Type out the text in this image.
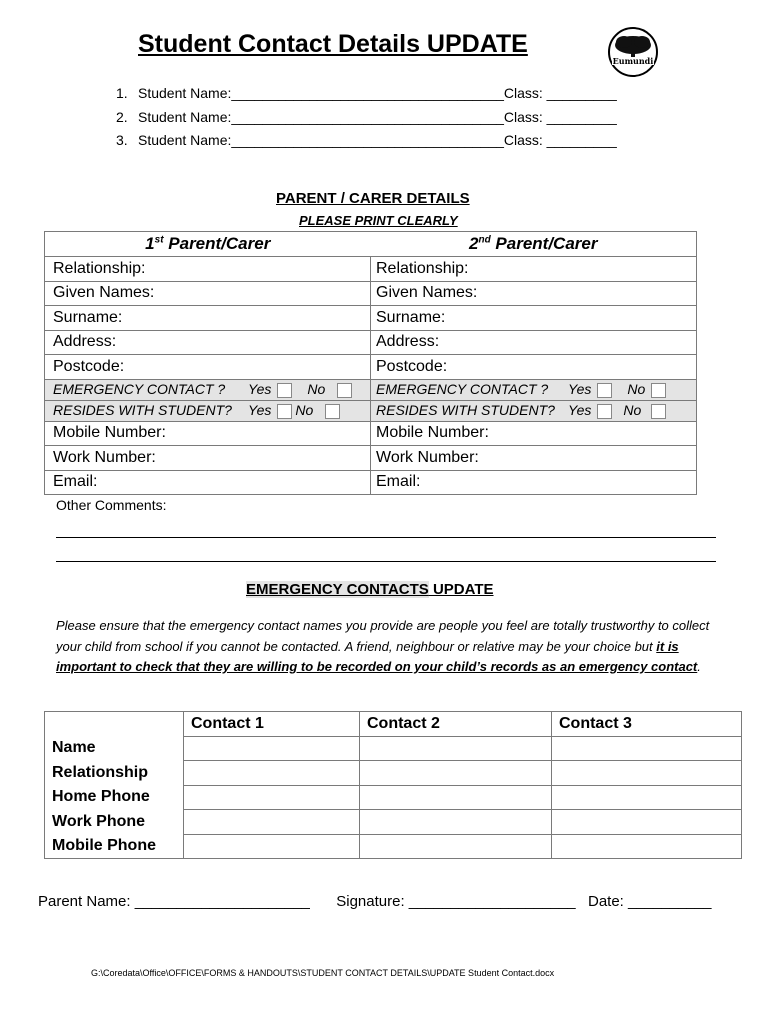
Student Contact Details UPDATE
Eumundi
1. Student Name:___________________________________Class: _________
2. Student Name:___________________________________Class: _________
3. Student Name:___________________________________Class: _________
PARENT / CARER DETAILS
PLEASE PRINT CLEARLY
1st Parent/Carer	2nd Parent/Carer
Relationship:	Relationship:
Given Names:	Given Names:
Surname:	Surname:
Address:	Address:
Postcode:	Postcode:
EMERGENCY CONTACT ? Yes No	EMERGENCY CONTACT ? Yes No
RESIDES WITH STUDENT? Yes No	RESIDES WITH STUDENT? Yes No
Mobile Number:	Mobile Number:
Work Number:	Work Number:
Email:	Email:
Other Comments:
EMERGENCY CONTACTS UPDATE
Please ensure that the emergency contact names you provide are people you feel are totally trustworthy to collect your child from school if you cannot be contacted. A friend, neighbour or relative may be your choice but it is important to check that they are willing to be recorded on your child’s records as an emergency contact.
	Contact 1	Contact 2	Contact 3
Name			
Relationship			
Home Phone			
Work Phone			
Mobile Phone			
Parent Name: _____________________ Signature: ____________________ Date: __________
G:\Coredata\Office\OFFICE\FORMS & HANDOUTS\STUDENT CONTACT DETAILS\UPDATE Student Contact.docx
